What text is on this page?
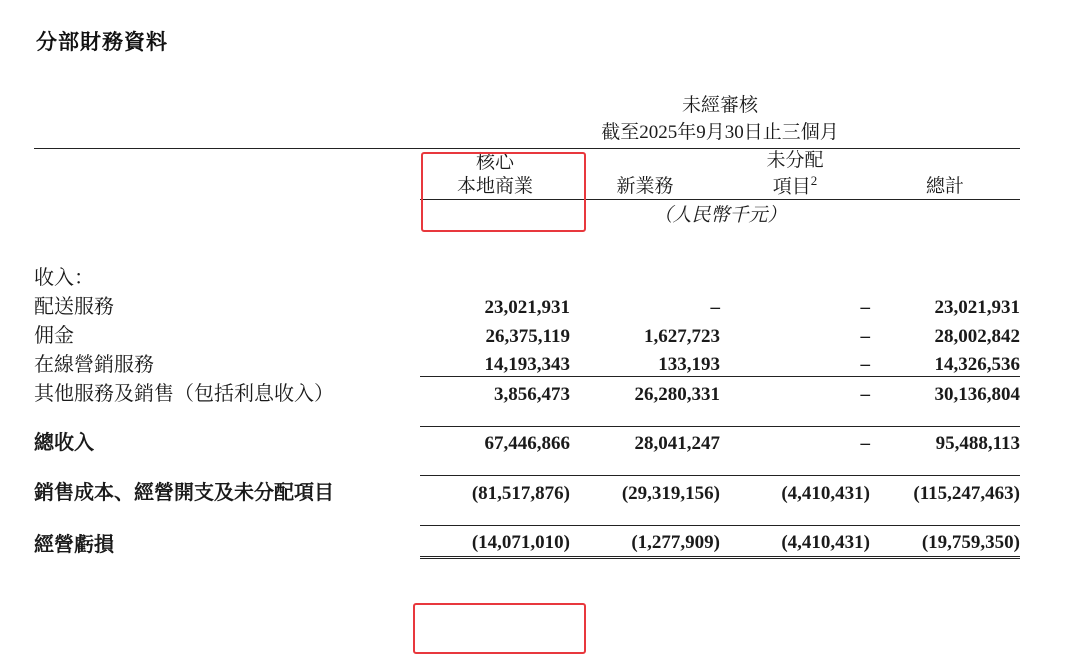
分部財務資料
	未經審核			
	截至2025年9月30日止三個月			

	核心
本地商業	新業務	未分配
項目$^2$	總計
	（人民幣千元）			

收入：				
配送服務	23,021,931	–	–	23,021,931
佣金	26,375,119	1,627,723	–	28,002,842
在線營銷服務	14,193,343	133,193	–	14,326,536
其他服務及銷售（包括利息收入）	3,856,473	26,280,331	–	30,136,804

總收入	67,446,866	28,041,247	–	95,488,113

銷售成本、經營開支及未分配項目	(81,517,876)	(29,319,156)	(4,410,431)	(115,247,463)

經營虧損	(14,071,010)	(1,277,909)	(4,410,431)	(19,759,350)
